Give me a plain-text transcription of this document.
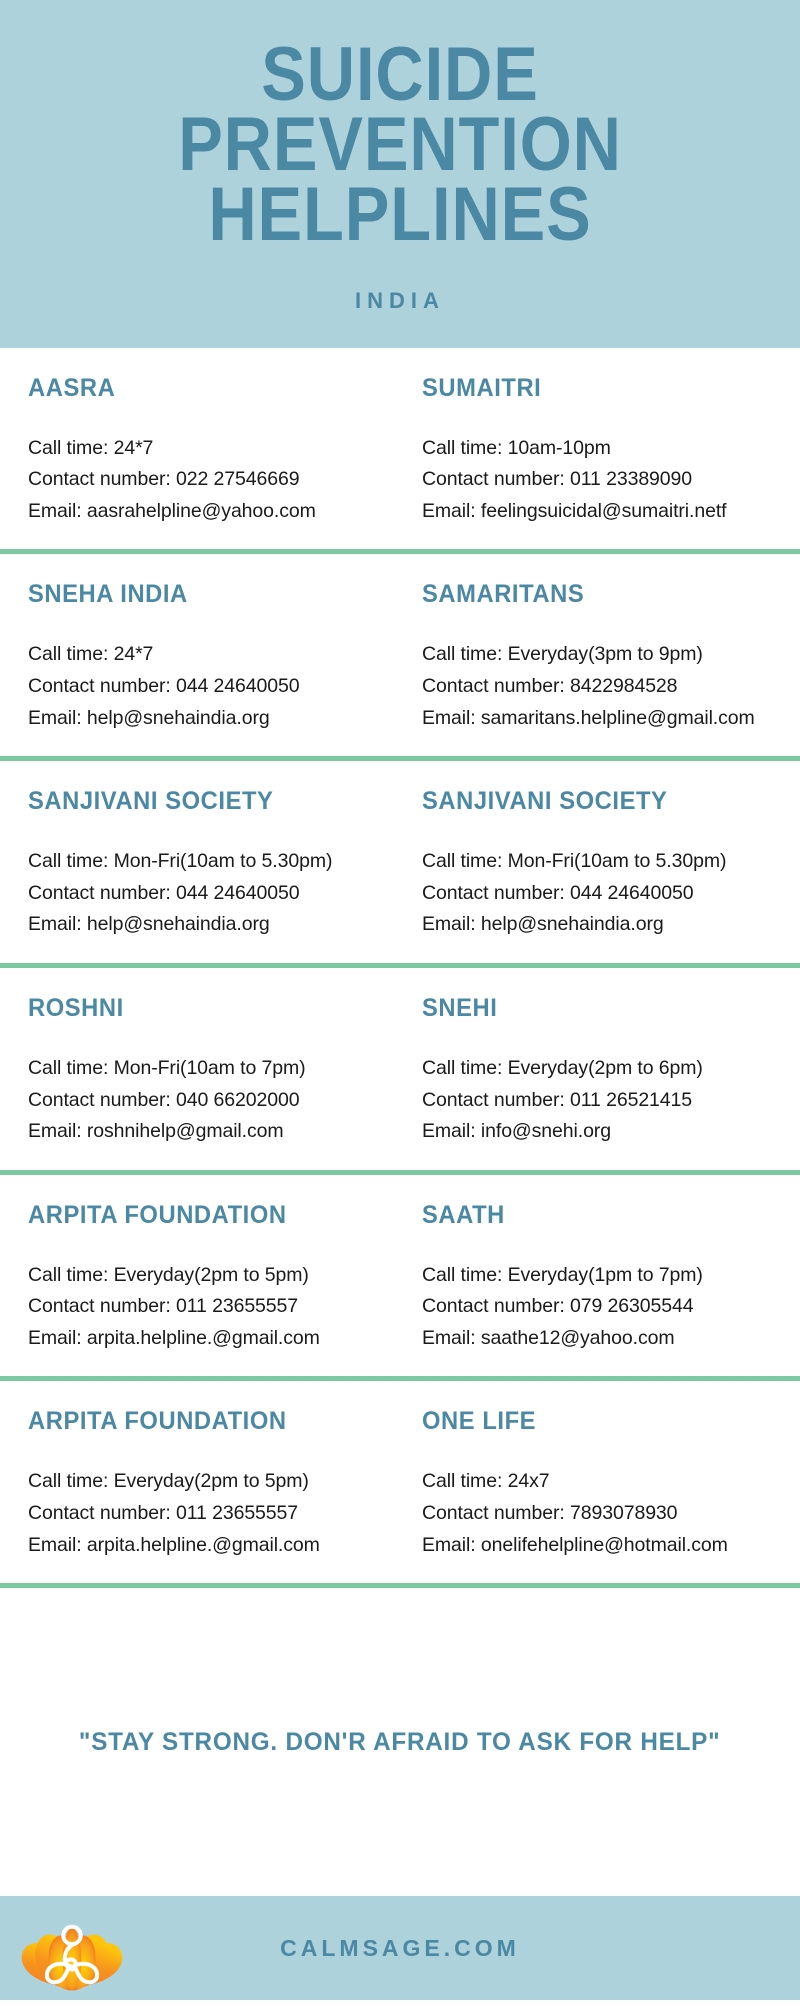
SUICIDE
PREVENTION
HELPLINES
INDIA
AASRA
Call time: 24*7
Contact number: 022 27546669
Email: aasrahelpline@yahoo.com
SUMAITRI
Call time: 10am-10pm
Contact number: 011 23389090
Email: feelingsuicidal@sumaitri.netf
SNEHA INDIA
Call time: 24*7
Contact number: 044 24640050
Email: help@snehaindia.org
SAMARITANS
Call time: Everyday(3pm to 9pm)
Contact number: 8422984528
Email: samaritans.helpline@gmail.com
SANJIVANI SOCIETY
Call time: Mon-Fri(10am to 5.30pm)
Contact number: 044 24640050
Email: help@snehaindia.org
SANJIVANI SOCIETY
Call time: Mon-Fri(10am to 5.30pm)
Contact number: 044 24640050
Email: help@snehaindia.org
ROSHNI
Call time: Mon-Fri(10am to 7pm)
Contact number: 040 66202000
Email: roshnihelp@gmail.com
SNEHI
Call time: Everyday(2pm to 6pm)
Contact number: 011 26521415
Email: info@snehi.org
ARPITA FOUNDATION
Call time: Everyday(2pm to 5pm)
Contact number: 011 23655557
Email: arpita.helpline.@gmail.com
SAATH
Call time: Everyday(1pm to 7pm)
Contact number: 079 26305544
Email: saathe12@yahoo.com
ARPITA FOUNDATION
Call time: Everyday(2pm to 5pm)
Contact number: 011 23655557
Email: arpita.helpline.@gmail.com
ONE LIFE
Call time: 24x7
Contact number: 7893078930
Email: onelifehelpline@hotmail.com
"STAY STRONG. DON'R AFRAID TO ASK FOR HELP"
CALMSAGE.COM
